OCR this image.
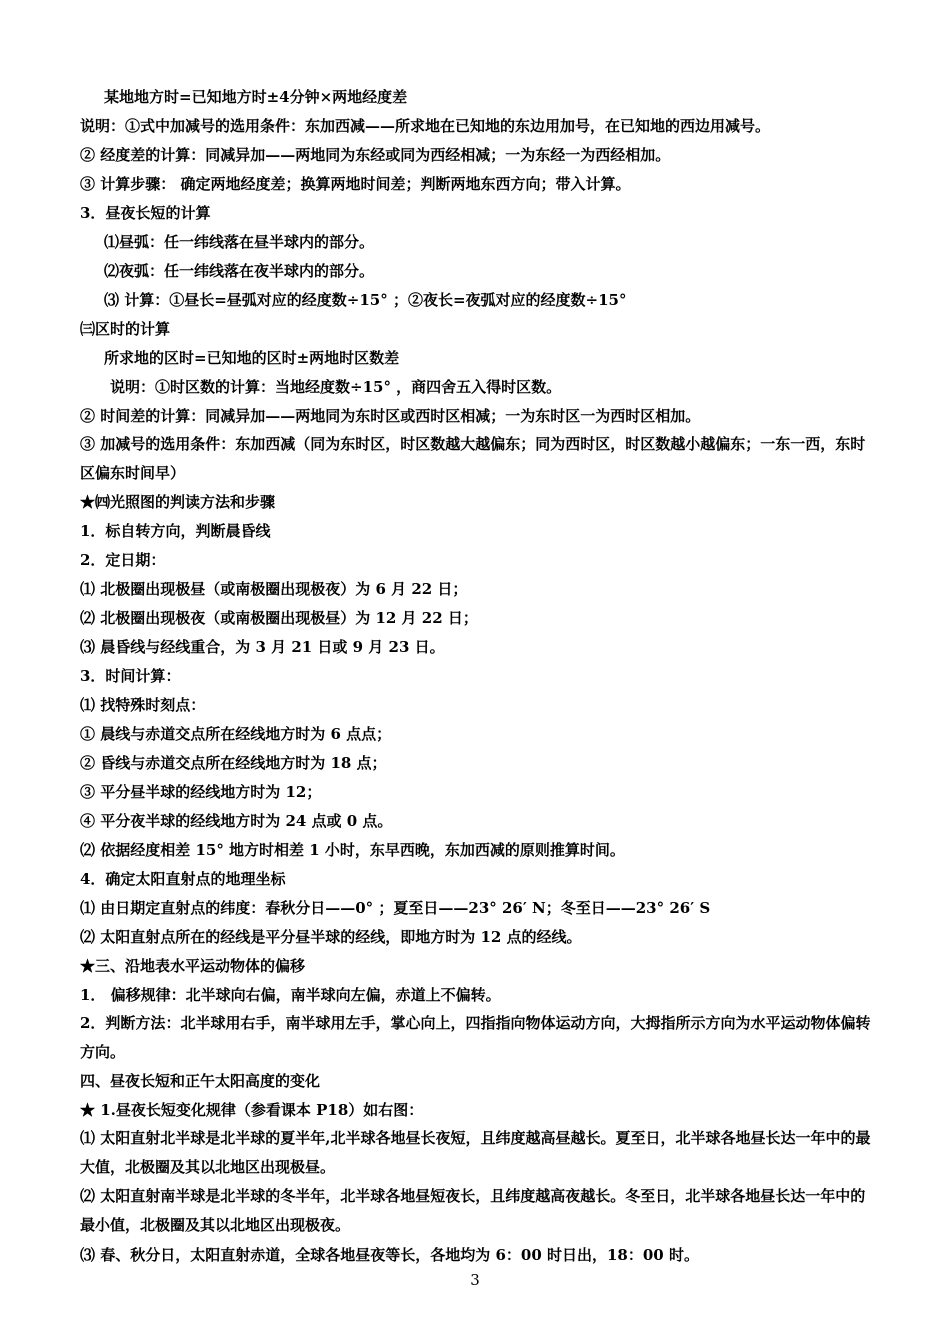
某地地方时=已知地方时±4分钟×两地经度差
说明：①式中加减号的选用条件：东加西减——所求地在已知地的东边用加号，在已知地的西边用减号。
② 经度差的计算：同减异加——两地同为东经或同为西经相减；一为东经一为西经相加。
③ 计算步骤： 确定两地经度差；换算两地时间差；判断两地东西方向；带入计算。
3．昼夜长短的计算
⑴昼弧：任一纬线落在昼半球内的部分。
⑵夜弧：任一纬线落在夜半球内的部分。
⑶ 计算：①昼长=昼弧对应的经度数÷15° ；②夜长=夜弧对应的经度数÷15°
㈢区时的计算
所求地的区时=已知地的区时±两地时区数差
说明：①时区数的计算：当地经度数÷15° ，商四舍五入得时区数。
② 时间差的计算：同减异加——两地同为东时区或西时区相减；一为东时区一为西时区相加。
③ 加减号的选用条件：东加西减（同为东时区，时区数越大越偏东；同为西时区，时区数越小越偏东；一东一西，东时区偏东时间早）
★㈣光照图的判读方法和步骤
1．标自转方向，判断晨昏线
2．定日期：
⑴ 北极圈出现极昼（或南极圈出现极夜）为 6 月 22 日；
⑵ 北极圈出现极夜（或南极圈出现极昼）为 12 月 22 日；
⑶ 晨昏线与经线重合，为 3 月 21 日或 9 月 23 日。
3．时间计算：
⑴ 找特殊时刻点：
① 晨线与赤道交点所在经线地方时为 6 点点；
② 昏线与赤道交点所在经线地方时为 18 点；
③ 平分昼半球的经线地方时为 12；
④ 平分夜半球的经线地方时为 24 点或 0 点。
⑵ 依据经度相差 15° 地方时相差 1 小时，东早西晚，东加西减的原则推算时间。
4．确定太阳直射点的地理坐标
⑴ 由日期定直射点的纬度：春秋分日——0° ；夏至日——23° 26′ N；冬至日——23° 26′ S
⑵ 太阳直射点所在的经线是平分昼半球的经线，即地方时为 12 点的经线。
★三、沿地表水平运动物体的偏移
1． 偏移规律：北半球向右偏，南半球向左偏，赤道上不偏转。
2．判断方法：北半球用右手，南半球用左手，掌心向上，四指指向物体运动方向，大拇指所示方向为水平运动物体偏转方向。
四、昼夜长短和正午太阳高度的变化
★ 1.昼夜长短变化规律（参看课本 P18）如右图：
⑴ 太阳直射北半球是北半球的夏半年,北半球各地昼长夜短，且纬度越高昼越长。夏至日，北半球各地昼长达一年中的最大值，北极圈及其以北地区出现极昼。
⑵ 太阳直射南半球是北半球的冬半年，北半球各地昼短夜长，且纬度越高夜越长。冬至日，北半球各地昼长达一年中的最小值，北极圈及其以北地区出现极夜。
⑶ 春、秋分日，太阳直射赤道，全球各地昼夜等长，各地均为 6：00 时日出，18：00 时。
3
